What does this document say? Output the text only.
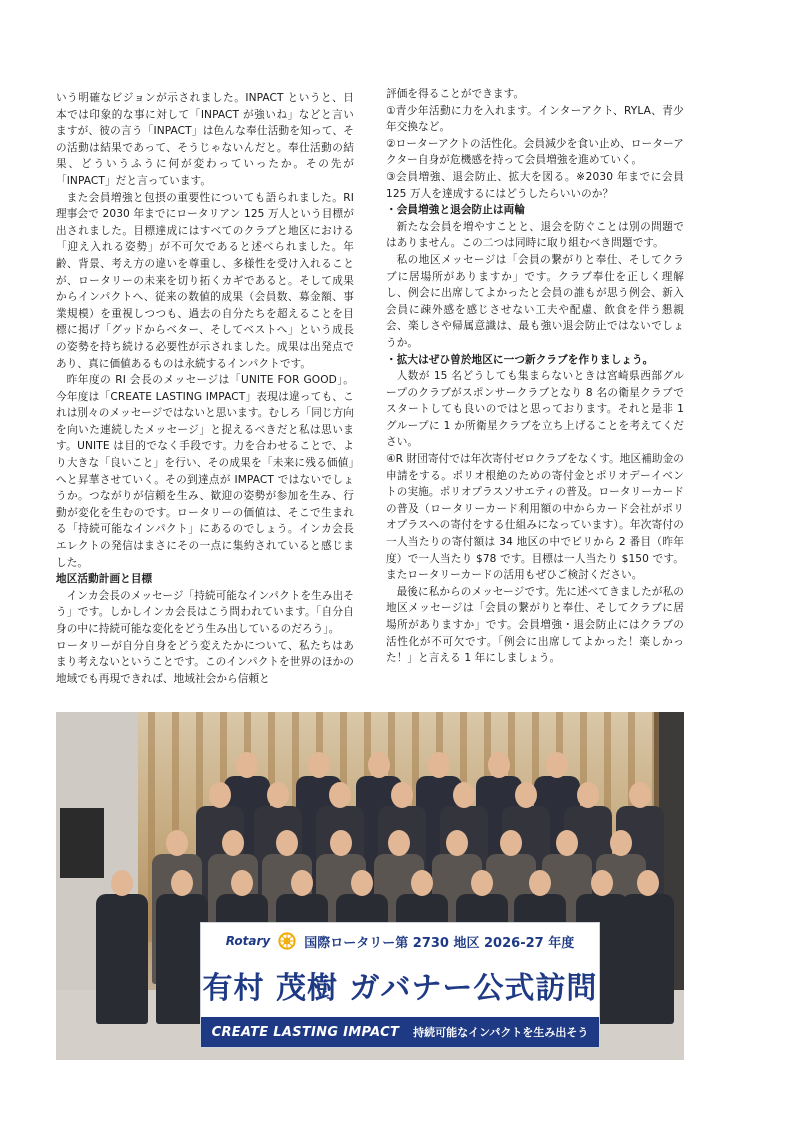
いう明確なビジョンが示されました。INPACT というと、日本では印象的な事に対して「INPACT が強いね」などと言いますが、彼の言う「INPACT」は色んな奉仕活動を知って、その活動は結果であって、そうじゃないんだと。奉仕活動の結果、どういうふうに何が変わっていったか。その先が「INPACT」だと言っています。

また会員増強と包摂の重要性についても語られました。RI 理事会で 2030 年までにロータリアン 125 万人という目標が出されました。目標達成にはすべてのクラブと地区における「迎え入れる姿勢」が不可欠であると述べられました。年齢、背景、考え方の違いを尊重し、多様性を受け入れることが、ロータリーの未来を切り拓くカギであると。そして成果からインパクトへ、従来の数値的成果（会員数、募金額、事業規模）を重視しつつも、過去の自分たちを超えることを目標に掲げ「グッドからベター、そしてベストへ」という成長の姿勢を持ち続ける必要性が示されました。成果は出発点であり、真に価値あるものは永続するインパクトです。

昨年度の RI 会長のメッセージは「UNITE FOR GOOD」。今年度は「CREATE LASTING IMPACT」表現は違っても、これは別々のメッセージではないと思います。むしろ「同じ方向を向いた連続したメッセージ」と捉えるべきだと私は思います。UNITE は目的でなく手段です。力を合わせることで、より大きな「良いこと」を行い、その成果を「未来に残る価値」へと昇華させていく。その到達点が IMPACT ではないでしょうか。つながりが信頼を生み、歓迎の姿勢が参加を生み、行動が変化を生むのです。ロータリーの価値は、そこで生まれる「持続可能なインパクト」にあるのでしょう。インカ会長エレクトの発信はまさにその一点に集約されていると感じました。

地区活動計画と目標

インカ会長のメッセージ「持続可能なインパクトを生み出そう」です。しかしインカ会長はこう問われています。「自分自身の中に持続可能な変化をどう生み出しているのだろう」。

ロータリーが自分自身をどう変えたかについて、私たちはあまり考えないということです。このインパクトを世界のほかの地域でも再現できれば、地域社会から信頼と

評価を得ることができます。

①青少年活動に力を入れます。インターアクト、RYLA、青少年交換など。

②ローターアクトの活性化。会員減少を食い止め、ローターアクター自身が危機感を持って会員増強を進めていく。

③会員増強、退会防止、拡大を図る。※2030 年までに会員 125 万人を達成するにはどうしたらいいのか？

・会員増強と退会防止は両輪

新たな会員を増やすことと、退会を防ぐことは別の問題ではありません。この二つは同時に取り組むべき問題です。

私の地区メッセージは「会員の繋がりと奉仕、そしてクラブに居場所がありますか」です。クラブ奉仕を正しく理解し、例会に出席してよかったと会員の誰もが思う例会、新入会員に疎外感を感じさせない工夫や配慮、飲食を伴う懇親会、楽しさや帰属意識は、最も強い退会防止ではないでしょうか。

・拡大はぜひ曽於地区に一つ新クラブを作りましょう。

人数が 15 名どうしても集まらないときは宮崎県西部グループのクラブがスポンサークラブとなり 8 名の衛星クラブでスタートしても良いのではと思っております。それと是非 1 グループに 1 か所衛星クラブを立ち上げることを考えてください。

④R 財団寄付では年次寄付ゼロクラブをなくす。地区補助金の申請をする。ポリオ根絶のための寄付金とポリオデーイベントの実施。ポリオプラスソサエティの普及。ロータリーカードの普及（ロータリーカード利用額の中からカード会社がポリオプラスへの寄付をする仕組みになっています）。年次寄付の一人当たりの寄付額は 34 地区の中でビリから 2 番目（昨年度）で一人当たり $78 です。目標は一人当たり $150 です。またロータリーカードの活用もぜひご検討ください。

最後に私からのメッセージです。先に述べてきましたが私の地区メッセージは「会員の繋がりと奉仕、そしてクラブに居場所がありますか」です。会員増強・退会防止にはクラブの活性化が不可欠です。「例会に出席してよかった！楽しかった！」と言える 1 年にしましょう。

Rotary	国際ロータリー第 2730 地区 2026-27 年度
有村 茂樹 ガバナー公式訪問
CREATE LASTING IMPACT 持続可能なインパクトを生み出そう
